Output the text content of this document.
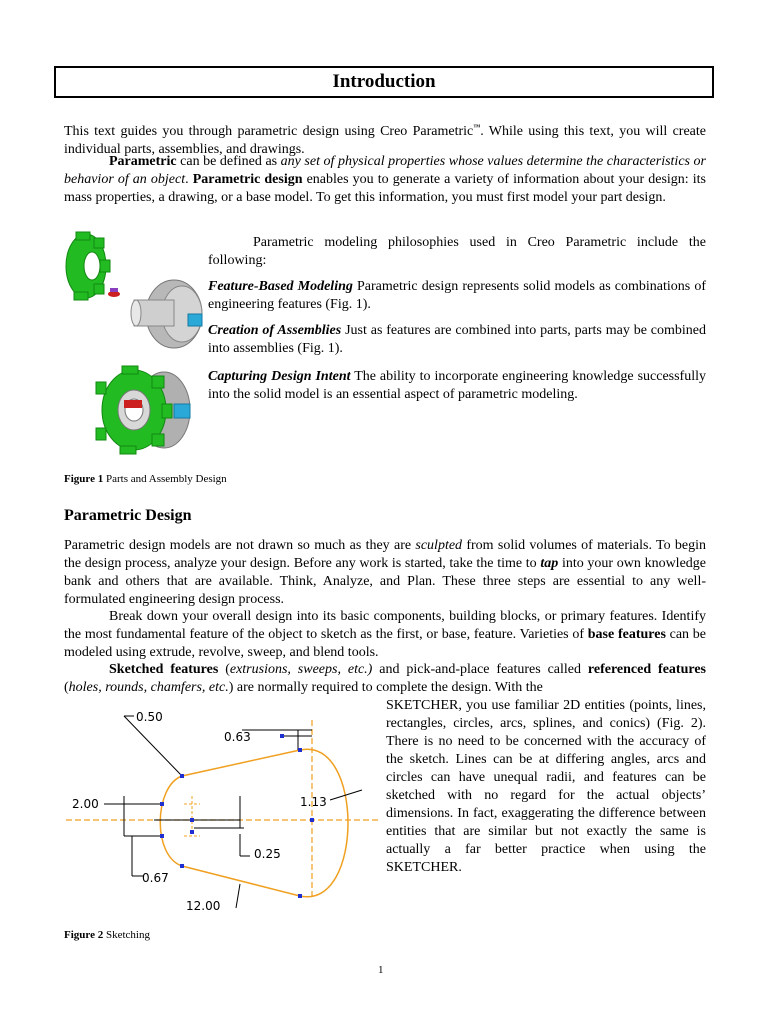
Introduction

This text guides you through parametric design using Creo Parametric™. While using this text, you will create individual parts, assemblies, and drawings.

Parametric can be defined as any set of physical properties whose values determine the characteristics or behavior of an object. Parametric design enables you to generate a variety of information about your design: its mass properties, a drawing, or a base model. To get this information, you must first model your part design.

Parametric modeling philosophies used in Creo Parametric include the following:

Feature-Based Modeling Parametric design represents solid models as combinations of engineering features (Fig. 1).

Creation of Assemblies Just as features are combined into parts, parts may be combined into assemblies (Fig. 1).

Capturing Design Intent The ability to incorporate engineering knowledge successfully into the solid model is an essential aspect of parametric modeling.

Figure 1 Parts and Assembly Design
Parametric Design

Parametric design models are not drawn so much as they are sculpted from solid volumes of materials. To begin the design process, analyze your design. Before any work is started, take the time to tap into your own knowledge bank and others that are available. Think, Analyze, and Plan. These three steps are essential to any well-formulated engineering design process.

Break down your overall design into its basic components, building blocks, or primary features. Identify the most fundamental feature of the object to sketch as the first, or base, feature. Varieties of base features can be modeled using extrude, revolve, sweep, and blend tools.

Sketched features (extrusions, sweeps, etc.) and pick-and-place features called referenced features (holes, rounds, chamfers, etc.) are normally required to complete the design. With the

SKETCHER, you use familiar 2D entities (points, lines, rectangles, circles, arcs, splines, and conics) (Fig. 2). There is no need to be concerned with the accuracy of the sketch. Lines can be at differing angles, arcs and circles can have unequal radii, and features can be sketched with no regard for the actual objects’ dimensions. In fact, exaggerating the difference between entities that are similar but not exactly the same is actually a far better practice when using the SKETCHER.

0.50
0.63
2.00	1.13
0.25
0.67
12.00
Figure 2 Sketching
1
